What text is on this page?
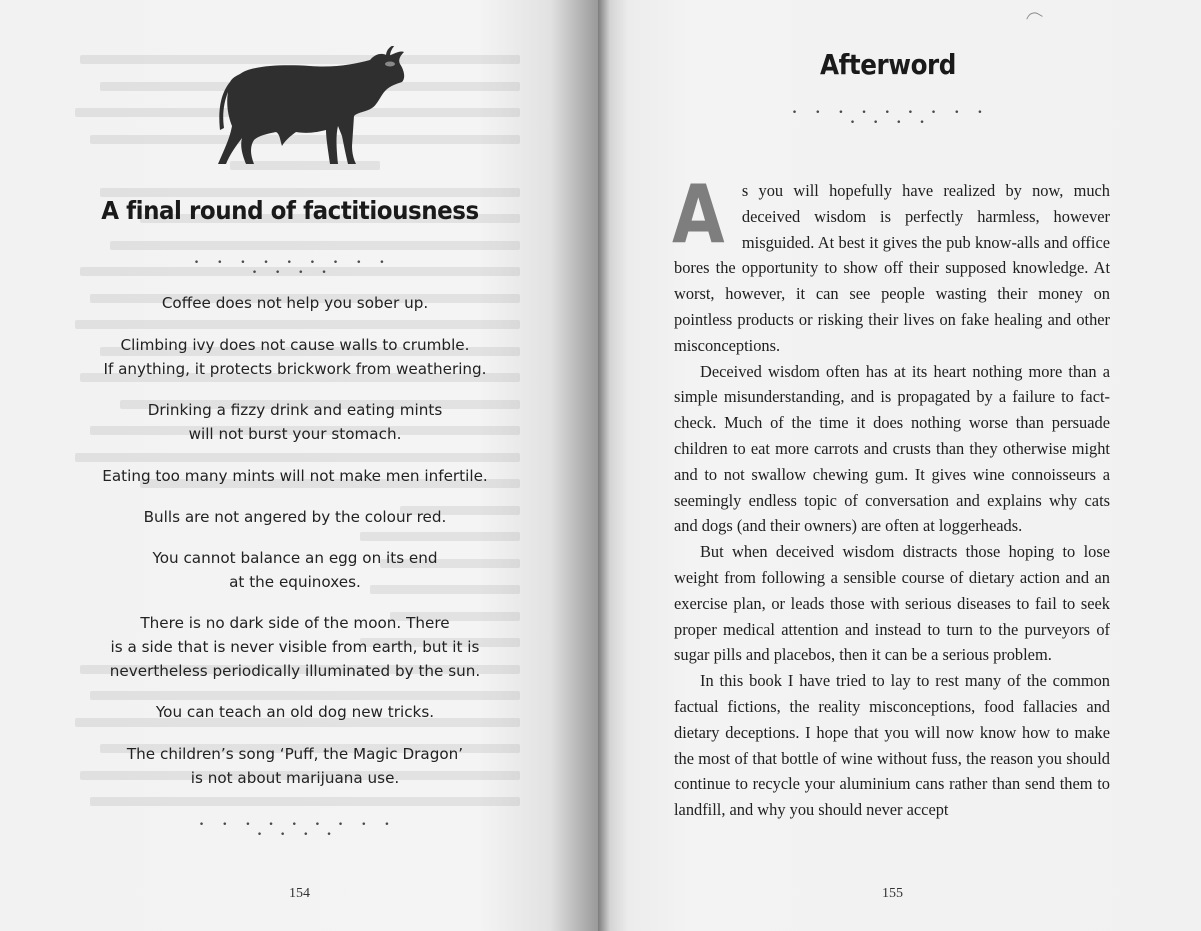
A final round of factitiousness
• • • • • • • • • • • • •
Coffee does not help you sober up.
Climbing ivy does not cause walls to crumble.
If anything, it protects brickwork from weathering.
Drinking a fizzy drink and eating mints
will not burst your stomach.
Eating too many mints will not make men infertile.
Bulls are not angered by the colour red.
You cannot balance an egg on its end
at the equinoxes.
There is no dark side of the moon. There
is a side that is never visible from earth, but it is
nevertheless periodically illuminated by the sun.
You can teach an old dog new tricks.
The children’s song ‘Puff, the Magic Dragon’
is not about marijuana use.
• • • • • • • • • • • • •
154
Afterword
• • • • • • • • • • • • •

A s you will hopefully have realized by now, much deceived wisdom is perfectly harmless, however misguided. At best it gives the pub know-alls and office bores the opportunity to show off their supposed knowledge. At worst, however, it can see people wasting their money on pointless products or risking their lives on fake healing and other misconceptions.

Deceived wisdom often has at its heart nothing more than a simple misunderstanding, and is propagated by a failure to fact-check. Much of the time it does nothing worse than persuade children to eat more carrots and crusts than they otherwise might and to not swallow chewing gum. It gives wine connoisseurs a seemingly endless topic of conversation and explains why cats and dogs (and their owners) are often at loggerheads.

But when deceived wisdom distracts those hoping to lose weight from following a sensible course of dietary action and an exercise plan, or leads those with serious diseases to fail to seek proper medical attention and instead to turn to the purveyors of sugar pills and placebos, then it can be a serious problem.

In this book I have tried to lay to rest many of the common factual fictions, the reality misconceptions, food fallacies and dietary deceptions. I hope that you will now know how to make the most of that bottle of wine without fuss, the reason you should continue to recycle your aluminium cans rather than send them to landfill, and why you should never accept

155
